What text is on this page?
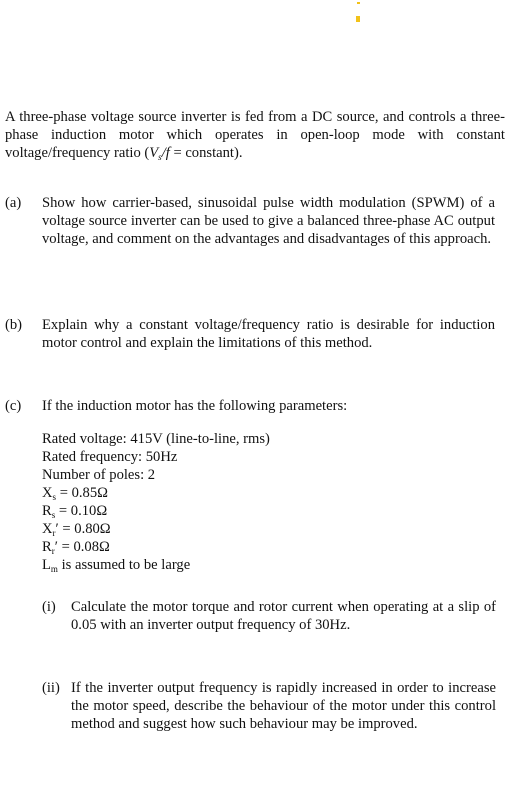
A three-phase voltage source inverter is fed from a DC source, and controls a three-phase induction motor which operates in open-loop mode with constant voltage/frequency ratio ($V_s/f$ = constant).
(a) Show how carrier-based, sinusoidal pulse width modulation (SPWM) of a voltage source inverter can be used to give a balanced three-phase AC output voltage, and comment on the advantages and disadvantages of this approach.
(b) Explain why a constant voltage/frequency ratio is desirable for induction motor control and explain the limitations of this method.
(c) If the induction motor has the following parameters:
Rated voltage: 415V (line-to-line, rms)
Rated frequency: 50Hz
Number of poles: 2
$X_s = 0.85\Omega$
$R_s = 0.10\Omega$
$X_r' = 0.80\Omega$
$R_r' = 0.08\Omega$
$L_m$ is assumed to be large
(i) Calculate the motor torque and rotor current when operating at a slip of 0.05 with an inverter output frequency of 30Hz.
(ii) If the inverter output frequency is rapidly increased in order to increase the motor speed, describe the behaviour of the motor under this control method and suggest how such behaviour may be improved.
